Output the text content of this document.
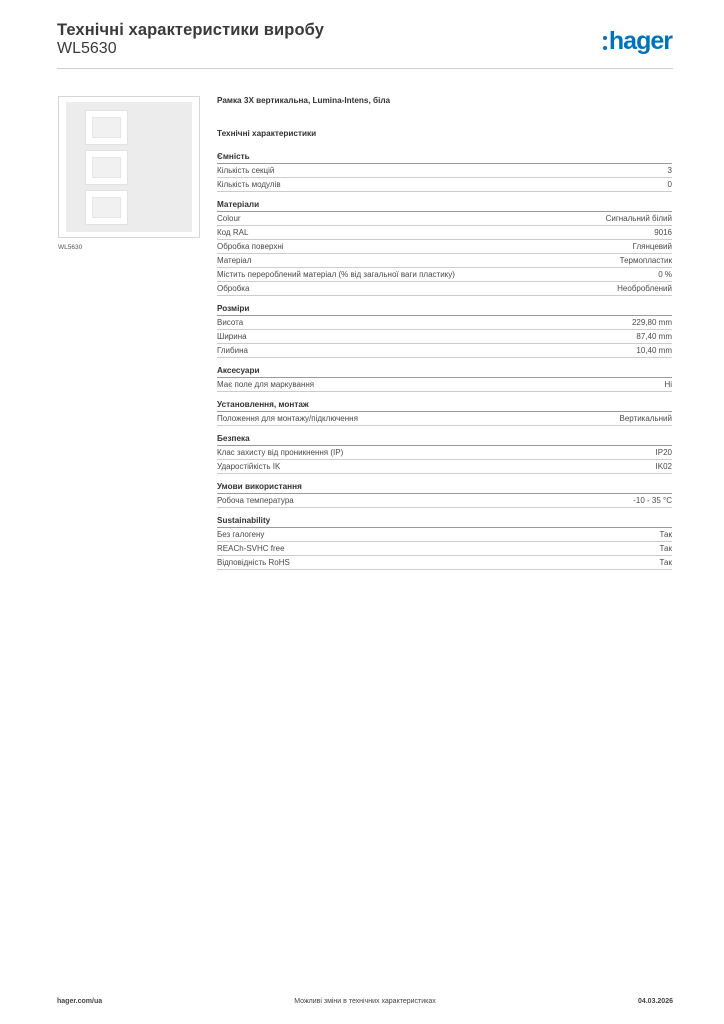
Технічні характеристики виробу
WL5630	hager
WL5630
Рамка 3Х вертикальна, Lumina-Intens, біла
Технічні характеристики
Ємність
Кількість секцій	3
Кількість модулів	0
Матеріали
Colour	Сигнальний білий
Код RAL	9016
Обробка поверхні	Глянцевий
Матеріал	Термопластик
Містить перероблений матеріал (% від загальної ваги пластику)	0 %
Обробка	Необроблений
Розміри
Висота	229,80 mm
Ширина	87,40 mm
Глибина	10,40 mm
Аксесуари
Має поле для маркування	Ні
Установлення, монтаж
Положення для монтажу/підключення	Вертикальний
Безпека
Клас захисту від проникнення (IP)	IP20
Ударостійкість IK	IK02
Умови використання
Робоча температура	-10 - 35 °C
Sustainability
Без галогену	Так
REACh-SVHC free	Так
Відповідність RoHS	Так
hager.com/ua	Можливі зміни в технічних характеристиках	04.03.2026
